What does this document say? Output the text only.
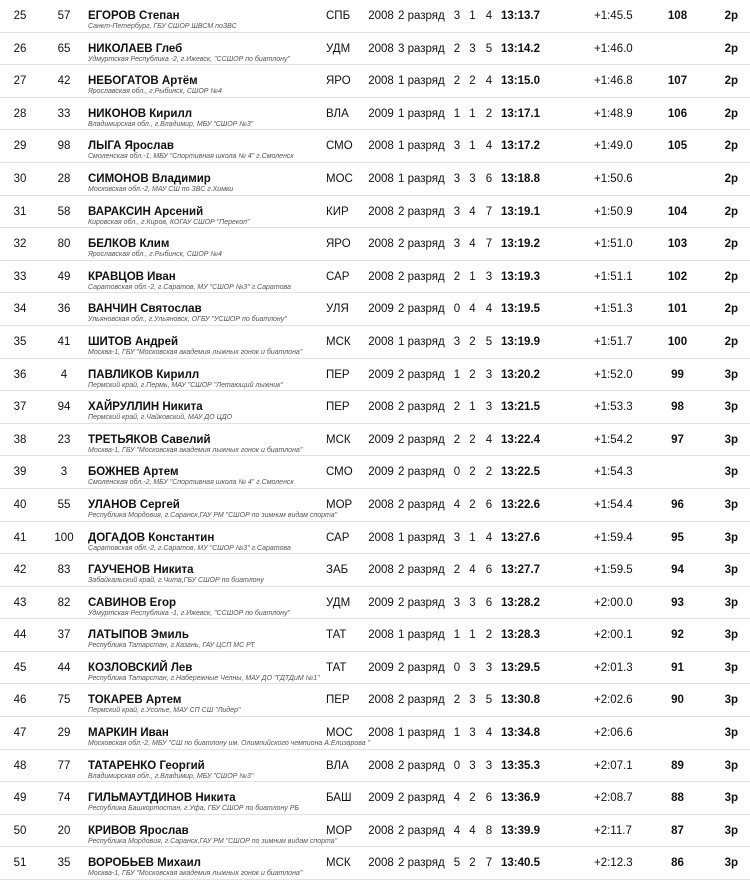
25	57	ЕГОРОВ Степан	СПБ	2008	2 разряд	3	1	4	13:13.7	+1:45.5	108	2р
		Санкт-Петербург, ГБУ СШОР ШВСМ поЗВС										

26	65	НИКОЛАЕВ Глеб	УДМ	2008	3 разряд	2	3	5	13:14.2	+1:46.0		2р
		Удмуртская Республика -2, г.Ижевск, "ССШОР по биатлону"										

27	42	НЕБОГАТОВ Артём	ЯРО	2008	1 разряд	2	2	4	13:15.0	+1:46.8	107	2р
		Ярославская обл., г.Рыбинск, СШОР №4										

28	33	НИКОНОВ Кирилл	ВЛА	2009	1 разряд	1	1	2	13:17.1	+1:48.9	106	2р
		Владимирская обл., г.Владимир, МБУ "СШОР №3"										

29	98	ЛЫГА Ярослав	СМО	2008	1 разряд	3	1	4	13:17.2	+1:49.0	105	2р
		Смоленская обл.-1, МБУ "Спортивная школа № 4" г.Смоленск										

30	28	СИМОНОВ Владимир	МОС	2008	1 разряд	3	3	6	13:18.8	+1:50.6		2р
		Московская обл.-2, МАУ СШ по ЗВС г.Химки										

31	58	ВАРАКСИН Арсений	КИР	2008	2 разряд	3	4	7	13:19.1	+1:50.9	104	2р
		Кировская обл., г.Киров, КОГАУ СШОР "Перекоп"										

32	80	БЕЛКОВ Клим	ЯРО	2008	2 разряд	3	4	7	13:19.2	+1:51.0	103	2р
		Ярославская обл., г.Рыбинск, СШОР №4										

33	49	КРАВЦОВ Иван	САР	2008	2 разряд	2	1	3	13:19.3	+1:51.1	102	2р
		Саратовская обл.-2, г.Саратов, МУ "СШОР №3" г.Саратова										

34	36	ВАНЧИН Святослав	УЛЯ	2009	2 разряд	0	4	4	13:19.5	+1:51.3	101	2р
		Ульяновская обл., г.Ульяновск, ОГБУ "УСШОР по биатлону"										

35	41	ШИТОВ Андрей	МСК	2008	1 разряд	3	2	5	13:19.9	+1:51.7	100	2р
		Москва-1, ГБУ "Московская академия лыжных гонок и биатлона"										

36	4	ПАВЛИКОВ Кирилл	ПЕР	2009	2 разряд	1	2	3	13:20.2	+1:52.0	99	3р
		Пермский край, г.Пермь, МАУ "СШОР "Летающий лыжник"										

37	94	ХАЙРУЛЛИН Никита	ПЕР	2008	2 разряд	2	1	3	13:21.5	+1:53.3	98	3р
		Пермский край, г.Чайковский, МАУ ДО ЦДО										

38	23	ТРЕТЬЯКОВ Савелий	МСК	2009	2 разряд	2	2	4	13:22.4	+1:54.2	97	3р
		Москва-1, ГБУ "Московская академия лыжных гонок и биатлона"										

39	3	БОЖНЕВ Артем	СМО	2009	2 разряд	0	2	2	13:22.5	+1:54.3		3р
		Смоленская обл.-2, МБУ "Спортивная школа № 4" г.Смоленск										

40	55	УЛАНОВ Сергей	МОР	2008	2 разряд	4	2	6	13:22.6	+1:54.4	96	3р
		Республика Мордовия, г.Саранск,ГАУ РМ "СШОР по зимним видам спорта"										

41	100	ДОГАДОВ Константин	САР	2008	1 разряд	3	1	4	13:27.6	+1:59.4	95	3р
		Саратовская обл.-2, г.Саратов, МУ "СШОР №3" г.Саратова										

42	83	ГАУЧЕНОВ Никита	ЗАБ	2008	2 разряд	2	4	6	13:27.7	+1:59.5	94	3р
		Забайкальский край, г.Чита,ГБУ СШОР по биатлону										

43	82	САВИНОВ Егор	УДМ	2009	2 разряд	3	3	6	13:28.2	+2:00.0	93	3р
		Удмуртская Республика -1, г.Ижевск, "ССШОР по биатлону"										

44	37	ЛАТЫПОВ Эмиль	ТАТ	2008	1 разряд	1	1	2	13:28.3	+2:00.1	92	3р
		Республика Татарстан, г.Казань, ГАУ ЦСП МС РТ										

45	44	КОЗЛОВСКИЙ Лев	ТАТ	2009	2 разряд	0	3	3	13:29.5	+2:01.3	91	3р
		Республика Татарстан, г.Набережные Челны, МАУ ДО "ГДТДиМ №1"										

46	75	ТОКАРЕВ Артем	ПЕР	2008	2 разряд	2	3	5	13:30.8	+2:02.6	90	3р
		Пермский край, г.Усолье, МАУ СП СШ "Лидер"										

47	29	МАРКИН Иван	МОС	2008	1 разряд	1	3	4	13:34.8	+2:06.6		3р
		Московская обл.-2, МБУ "СШ по биатлону им. Олимпийского чемпиона А.Елизарова "										

48	77	ТАТАРЕНКО Георгий	ВЛА	2008	2 разряд	0	3	3	13:35.3	+2:07.1	89	3р
		Владимирская обл., г.Владимир, МБУ "СШОР №3"										

49	74	ГИЛЬМАУТДИНОВ Никита	БАШ	2009	2 разряд	4	2	6	13:36.9	+2:08.7	88	3р
		Республика Башкортостан, г.Уфа, ГБУ СШОР по биатлону РБ										

50	20	КРИВОВ Ярослав	МОР	2008	2 разряд	4	4	8	13:39.9	+2:11.7	87	3р
		Республика Мордовия, г.Саранск,ГАУ РМ "СШОР по зимним видам спорта"										

51	35	ВОРОБЬЕВ Михаил	МСК	2008	2 разряд	5	2	7	13:40.5	+2:12.3	86	3р
		Москва-1, ГБУ "Московская академия лыжных гонок и биатлона"										
